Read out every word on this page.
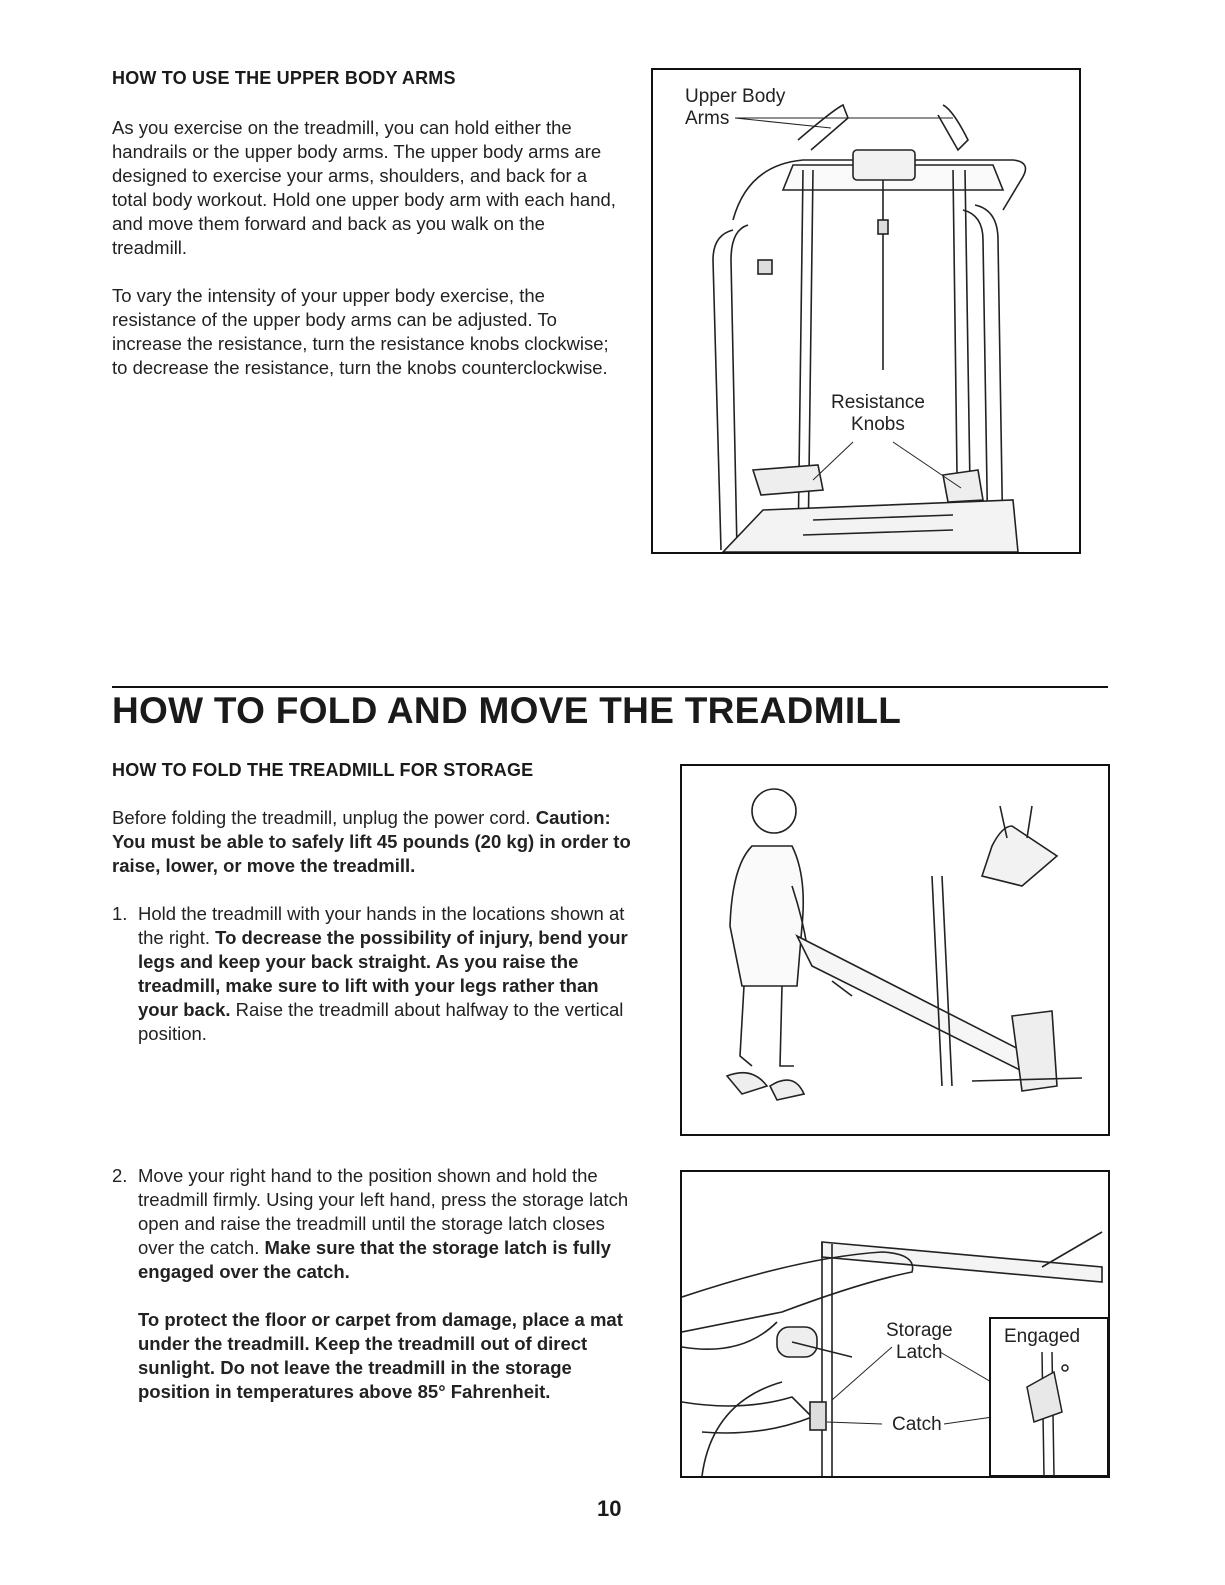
HOW TO USE THE UPPER BODY ARMS
As you exercise on the treadmill, you can hold either the handrails or the upper body arms. The upper body arms are designed to exercise your arms, shoulders, and back for a total body workout. Hold one upper body arm with each hand, and move them forward and back as you walk on the treadmill.
To vary the intensity of your upper body exercise, the resistance of the upper body arms can be adjusted. To increase the resistance, turn the resistance knobs clockwise; to decrease the resistance, turn the knobs counterclockwise.
Upper Body
Arms
Resistance
Knobs
HOW TO FOLD AND MOVE THE TREADMILL
HOW TO FOLD THE TREADMILL FOR STORAGE
Before folding the treadmill, unplug the power cord. Caution: You must be able to safely lift 45 pounds (20 kg) in order to raise, lower, or move the treadmill.
1. Hold the treadmill with your hands in the locations shown at the right. To decrease the possibility of injury, bend your legs and keep your back straight. As you raise the treadmill, make sure to lift with your legs rather than your back. Raise the treadmill about halfway to the vertical position.
2. Move your right hand to the position shown and hold the treadmill firmly. Using your left hand, press the storage latch open and raise the treadmill until the storage latch closes over the catch. Make sure that the storage latch is fully engaged over the catch.
To protect the floor or carpet from damage, place a mat under the treadmill. Keep the treadmill out of direct sunlight. Do not leave the treadmill in the storage position in temperatures above 85° Fahrenheit.
Storage
Latch
Catch
Engaged
10
